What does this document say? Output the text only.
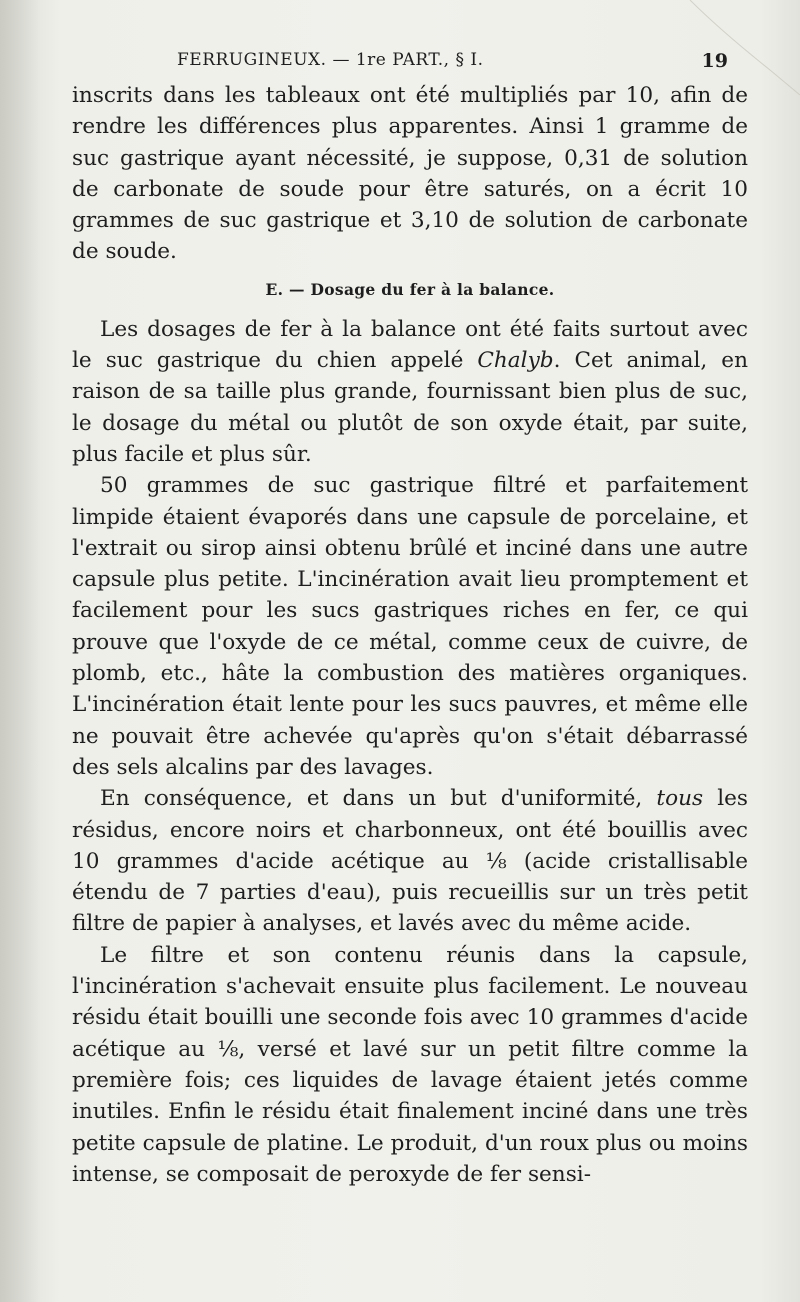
FERRUGINEUX. — 1re PART., § I.	19

inscrits dans les tableaux ont été multipliés par 10, afin de rendre les différences plus apparentes. Ainsi 1 gramme de suc gastrique ayant nécessité, je suppose, 0,31 de solution de carbonate de soude pour être saturés, on a écrit 10 grammes de suc gastrique et 3,10 de solution de carbonate de soude.

E. — Dosage du fer à la balance.

Les dosages de fer à la balance ont été faits surtout avec le suc gastrique du chien appelé Chalyb. Cet animal, en raison de sa taille plus grande, fournissant bien plus de suc, le dosage du métal ou plutôt de son oxyde était, par suite, plus facile et plus sûr.

50 grammes de suc gastrique filtré et parfaitement limpide étaient évaporés dans une capsule de porcelaine, et l'extrait ou sirop ainsi obtenu brûlé et inciné dans une autre capsule plus petite. L'incinération avait lieu promptement et facilement pour les sucs gastriques riches en fer, ce qui prouve que l'oxyde de ce métal, comme ceux de cuivre, de plomb, etc., hâte la combustion des matières organiques. L'incinération était lente pour les sucs pauvres, et même elle ne pouvait être achevée qu'après qu'on s'était débarrassé des sels alcalins par des lavages.

En conséquence, et dans un but d'uniformité, tous les résidus, encore noirs et charbonneux, ont été bouillis avec 10 grammes d'acide acétique au ⅛ (acide cristallisable étendu de 7 parties d'eau), puis recueillis sur un très petit filtre de papier à analyses, et lavés avec du même acide.

Le filtre et son contenu réunis dans la capsule, l'incinération s'achevait ensuite plus facilement. Le nouveau résidu était bouilli une seconde fois avec 10 grammes d'acide acétique au ⅛, versé et lavé sur un petit filtre comme la première fois; ces liquides de lavage étaient jetés comme inutiles. Enfin le résidu était finalement inciné dans une très petite capsule de platine. Le produit, d'un roux plus ou moins intense, se composait de peroxyde de fer sensi-
